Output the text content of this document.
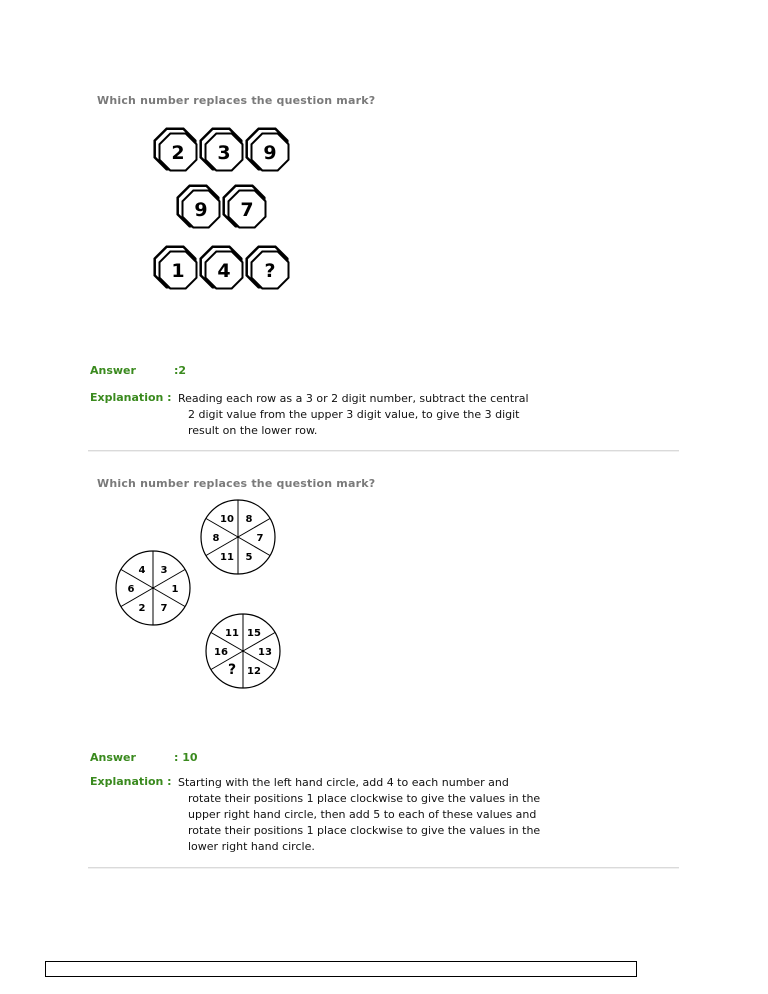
Which number replaces the question mark?
2 3 9
9 7
1 4 ?
Answer	:2
Explanation : Reading each row as a 3 or 2 digit number, subtract the central
2 digit value from the upper 3 digit value, to give the 3 digit
result on the lower row.
Which number replaces the question mark?
8
7
5
11
8
10
3
1
7
2
6
4
15
13
12
?
16
11
Answer	: 10
Explanation : Starting with the left hand circle, add 4 to each number and
rotate their positions 1 place clockwise to give the values in the
upper right hand circle, then add 5 to each of these values and
rotate their positions 1 place clockwise to give the values in the
lower right hand circle.
